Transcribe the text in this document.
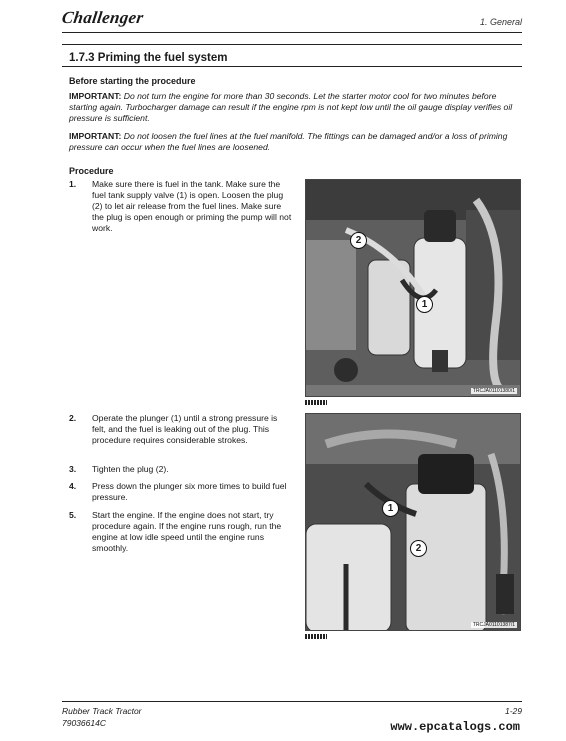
Challenger	1. General
1.7.3 Priming the fuel system
Before starting the procedure
IMPORTANT: Do not turn the engine for more than 30 seconds. Let the starter motor cool for two minutes before starting again. Turbocharger damage can result if the engine rpm is not kept low until the oil gauge display verifies oil pressure is sufficient.
IMPORTANT: Do not loosen the fuel lines at the fuel manifold. The fittings can be damaged and/or a loss of priming pressure can occur when the fuel lines are loosened.
Procedure
1. Make sure there is fuel in the tank. Make sure the fuel tank supply valve (1) is open. Loosen the plug (2) to let air release from the fuel lines. Make sure the plug is open enough or priming the pump will not work.
2. Operate the plunger (1) until a strong pressure is felt, and the fuel is leaking out of the plug. This procedure requires considerable strokes.
3. Tighten the plug (2).
4. Press down the plunger six more times to build fuel pressure.
5. Start the engine. If the engine does not start, try procedure again. If the engine runs rough, run the engine at low idle speed until the engine runs smoothly.
2
1
TRCJA01101380/1
1
2
TRCJA01101387/1
Rubber Track Tractor
79036614C
1-29
www.epcatalogs.com
